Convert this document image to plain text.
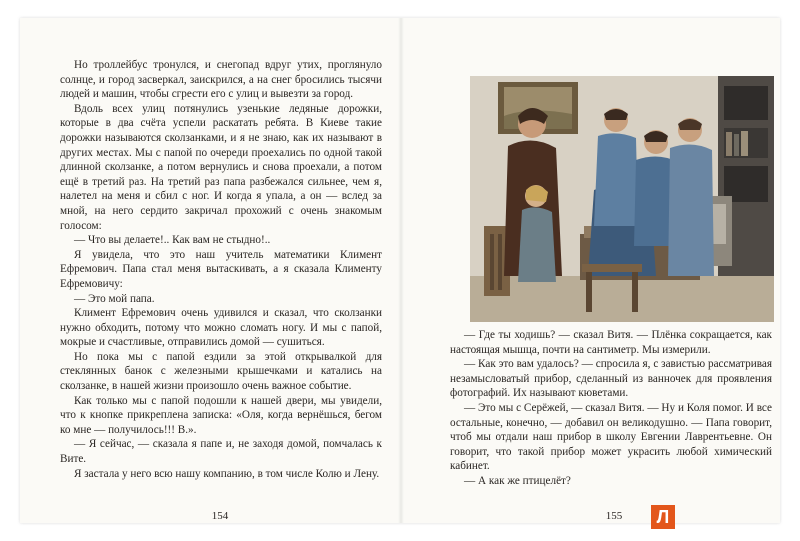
Но троллейбус тронулся, и снегопад вдруг утих, проглянуло солнце, и город засверкал, заискрился, а на снег бросились тысячи людей и машин, чтобы сгрести его с улиц и вывезти за город.

Вдоль всех улиц потянулись узенькие ледяные дорожки, которые в два счёта успели раскатать ребята. В Киеве такие дорожки называются сколзанками, и я не знаю, как их называют в других местах. Мы с папой по очереди проехались по одной такой длинной сколзанке, а потом вернулись и снова проехали, а потом ещё в третий раз. На третий раз папа разбежался сильнее, чем я, налетел на меня и сбил с ног. И когда я упала, а он — вслед за мной, на него сердито закричал прохожий с очень знакомым голосом:

— Что вы делаете!.. Как вам не стыдно!..

Я увидела, что это наш учитель математики Климент Ефремович. Папа стал меня вытаскивать, а я сказала Клименту Ефремовичу:

— Это мой папа.

Климент Ефремович очень удивился и сказал, что сколзанки нужно обходить, потому что можно сломать ногу. И мы с папой, мокрые и счастливые, отправились домой — сушиться.

Но пока мы с папой ездили за этой открывалкой для стеклянных банок с железными крышечками и катались на сколзанке, в нашей жизни произошло очень важное событие.

Как только мы с папой подошли к нашей двери, мы увидели, что к кнопке прикреплена записка: «Оля, когда вернёшься, бегом ко мне — получилось!!! В.».

— Я сейчас, — сказала я папе и, не заходя домой, помчалась к Вите.

Я застала у него всю нашу компанию, в том числе Колю и Лену.

154

— Где ты ходишь? — сказал Витя. — Плёнка сокращается, как настоящая мышца, почти на сантиметр. Мы измерили.

— Как это вам удалось? — спросила я, с завистью рассматривая незамысловатый прибор, сделанный из ванночек для проявления фотографий. Их называют кюветами.

— Это мы с Серёжей, — сказал Витя. — Ну и Коля помог. И все остальные, конечно, — добавил он великодушно. — Папа говорит, чтоб мы отдали наш прибор в школу Евгении Лаврентьевне. Он говорит, что такой прибор может украсить любой химический кабинет.

— А как же птицелёт?

155	Л
